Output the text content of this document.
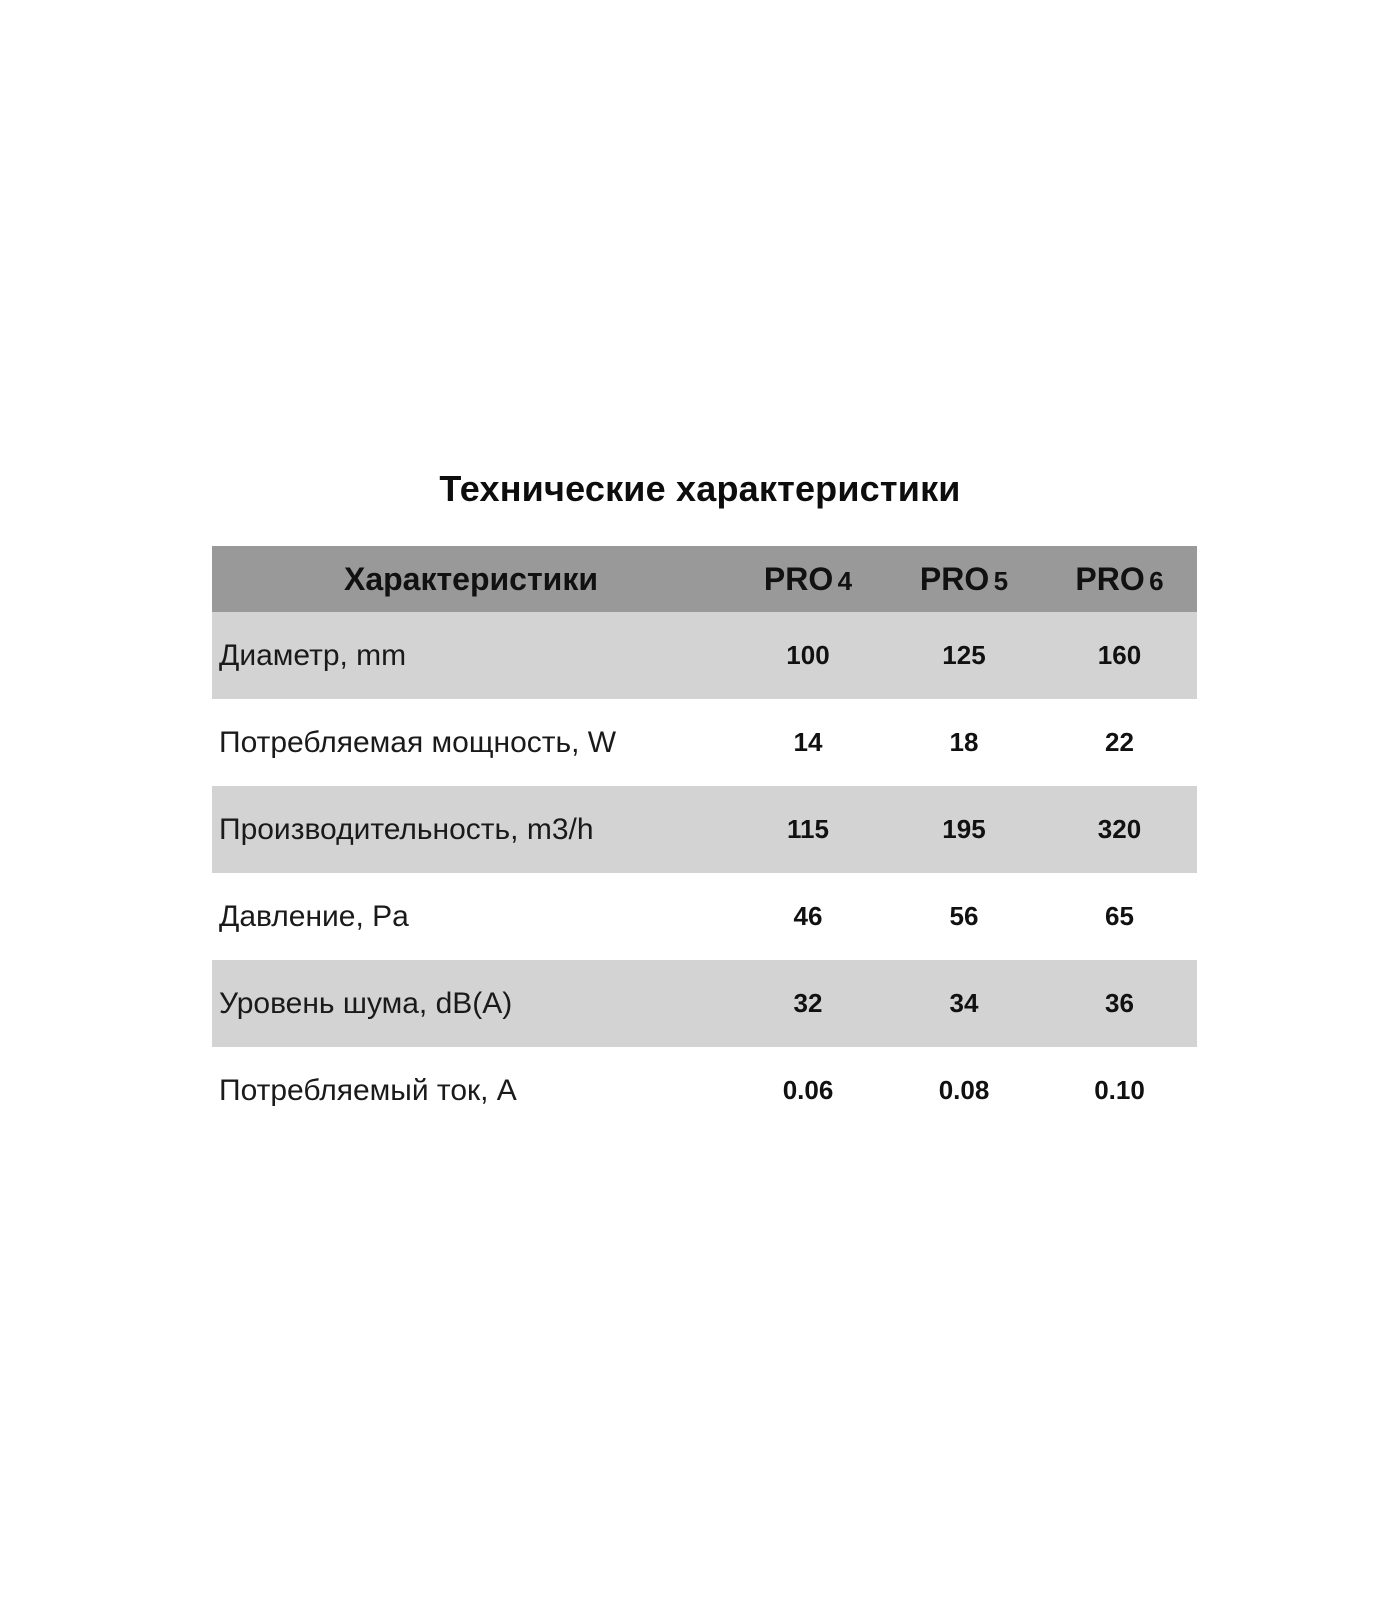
Технические характеристики
Характеристики	PRO 4	PRO 5	PRO 6
Диаметр, mm	100	125	160
Потребляемая мощность, W	14	18	22
Производительность, m3/h	115	195	320
Давление, Pa	46	56	65
Уровень шума, dB(A)	32	34	36
Потребляемый ток, A	0.06	0.08	0.10
